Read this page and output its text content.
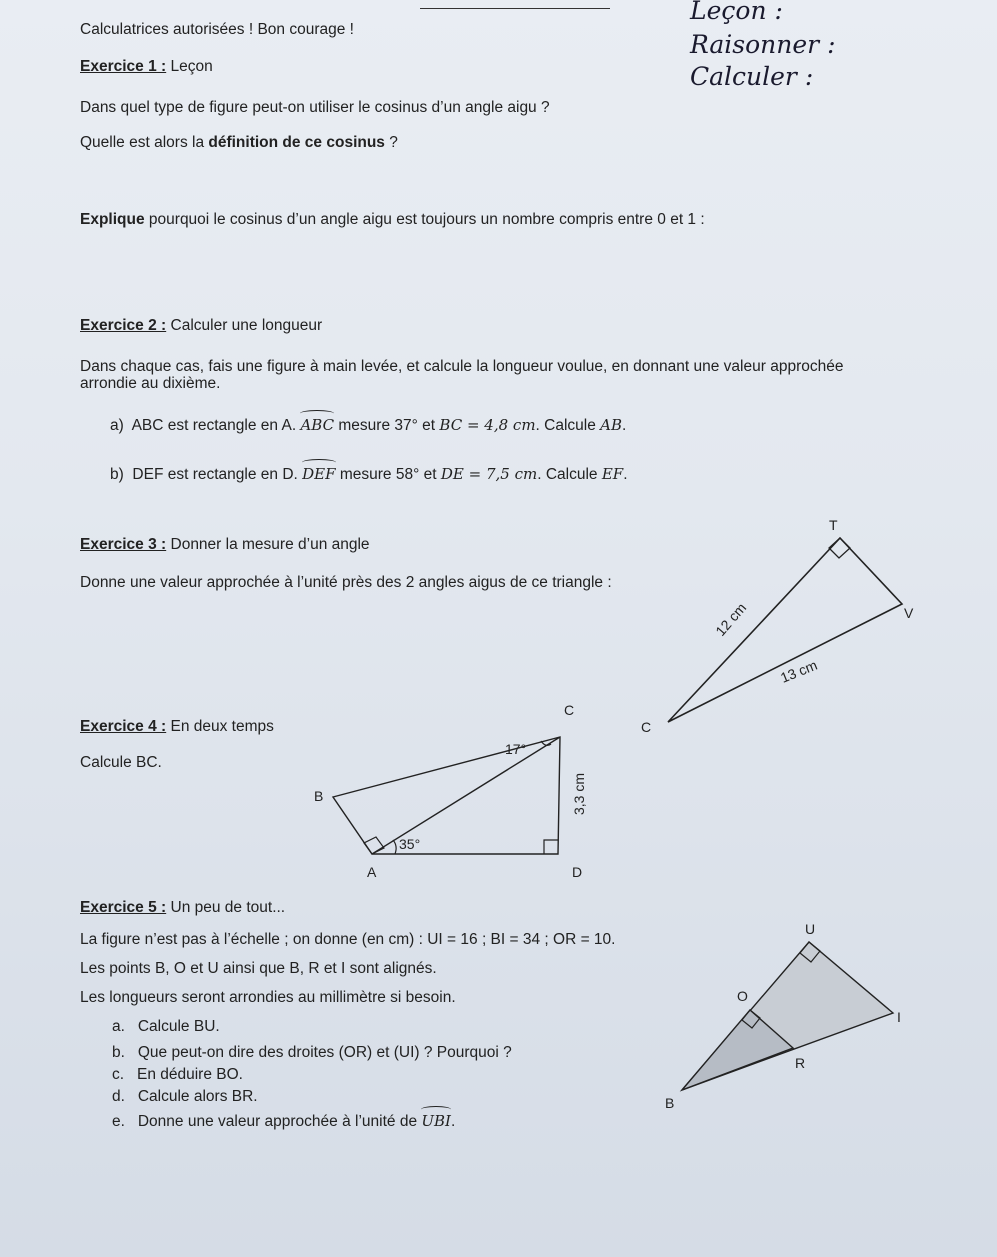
Leçon :
Raisonner :
Calculer :
Calculatrices autorisées ! Bon courage !
Exercice 1 : Leçon
Dans quel type de figure peut-on utiliser le cosinus d’un angle aigu ?
Quelle est alors la définition de ce cosinus ?
Explique pourquoi le cosinus d’un angle aigu est toujours un nombre compris entre 0 et 1 :
Exercice 2 : Calculer une longueur
Dans chaque cas, fais une figure à main levée, et calcule la longueur voulue, en donnant une valeur approchée
arrondie au dixième.
a) ABC est rectangle en A. ABC mesure 37° et BC = 4,8 cm. Calcule AB.
b) DEF est rectangle en D. DEF mesure 58° et DE = 7,5 cm. Calcule EF.
Exercice 3 : Donner la mesure d’un angle
Donne une valeur approchée à l’unité près des 2 angles aigus de ce triangle :
Exercice 4 : En deux temps
Calcule BC.
Exercice 5 : Un peu de tout...
La figure n’est pas à l’échelle ; on donne (en cm) : UI = 16 ; BI = 34 ; OR = 10.
Les points B, O et U ainsi que B, R et I sont alignés.
Les longueurs seront arrondies au millimètre si besoin.
a. Calcule BU.
b. Que peut-on dire des droites (OR) et (UI) ? Pourquoi ?
c. En déduire BO.
d. Calcule alors BR.
e. Donne une valeur approchée à l’unité de UBI.
T
V
C
12 cm
13 cm
C
B
A	D
17°
35°
3,3 cm
U
O
I
R
B
